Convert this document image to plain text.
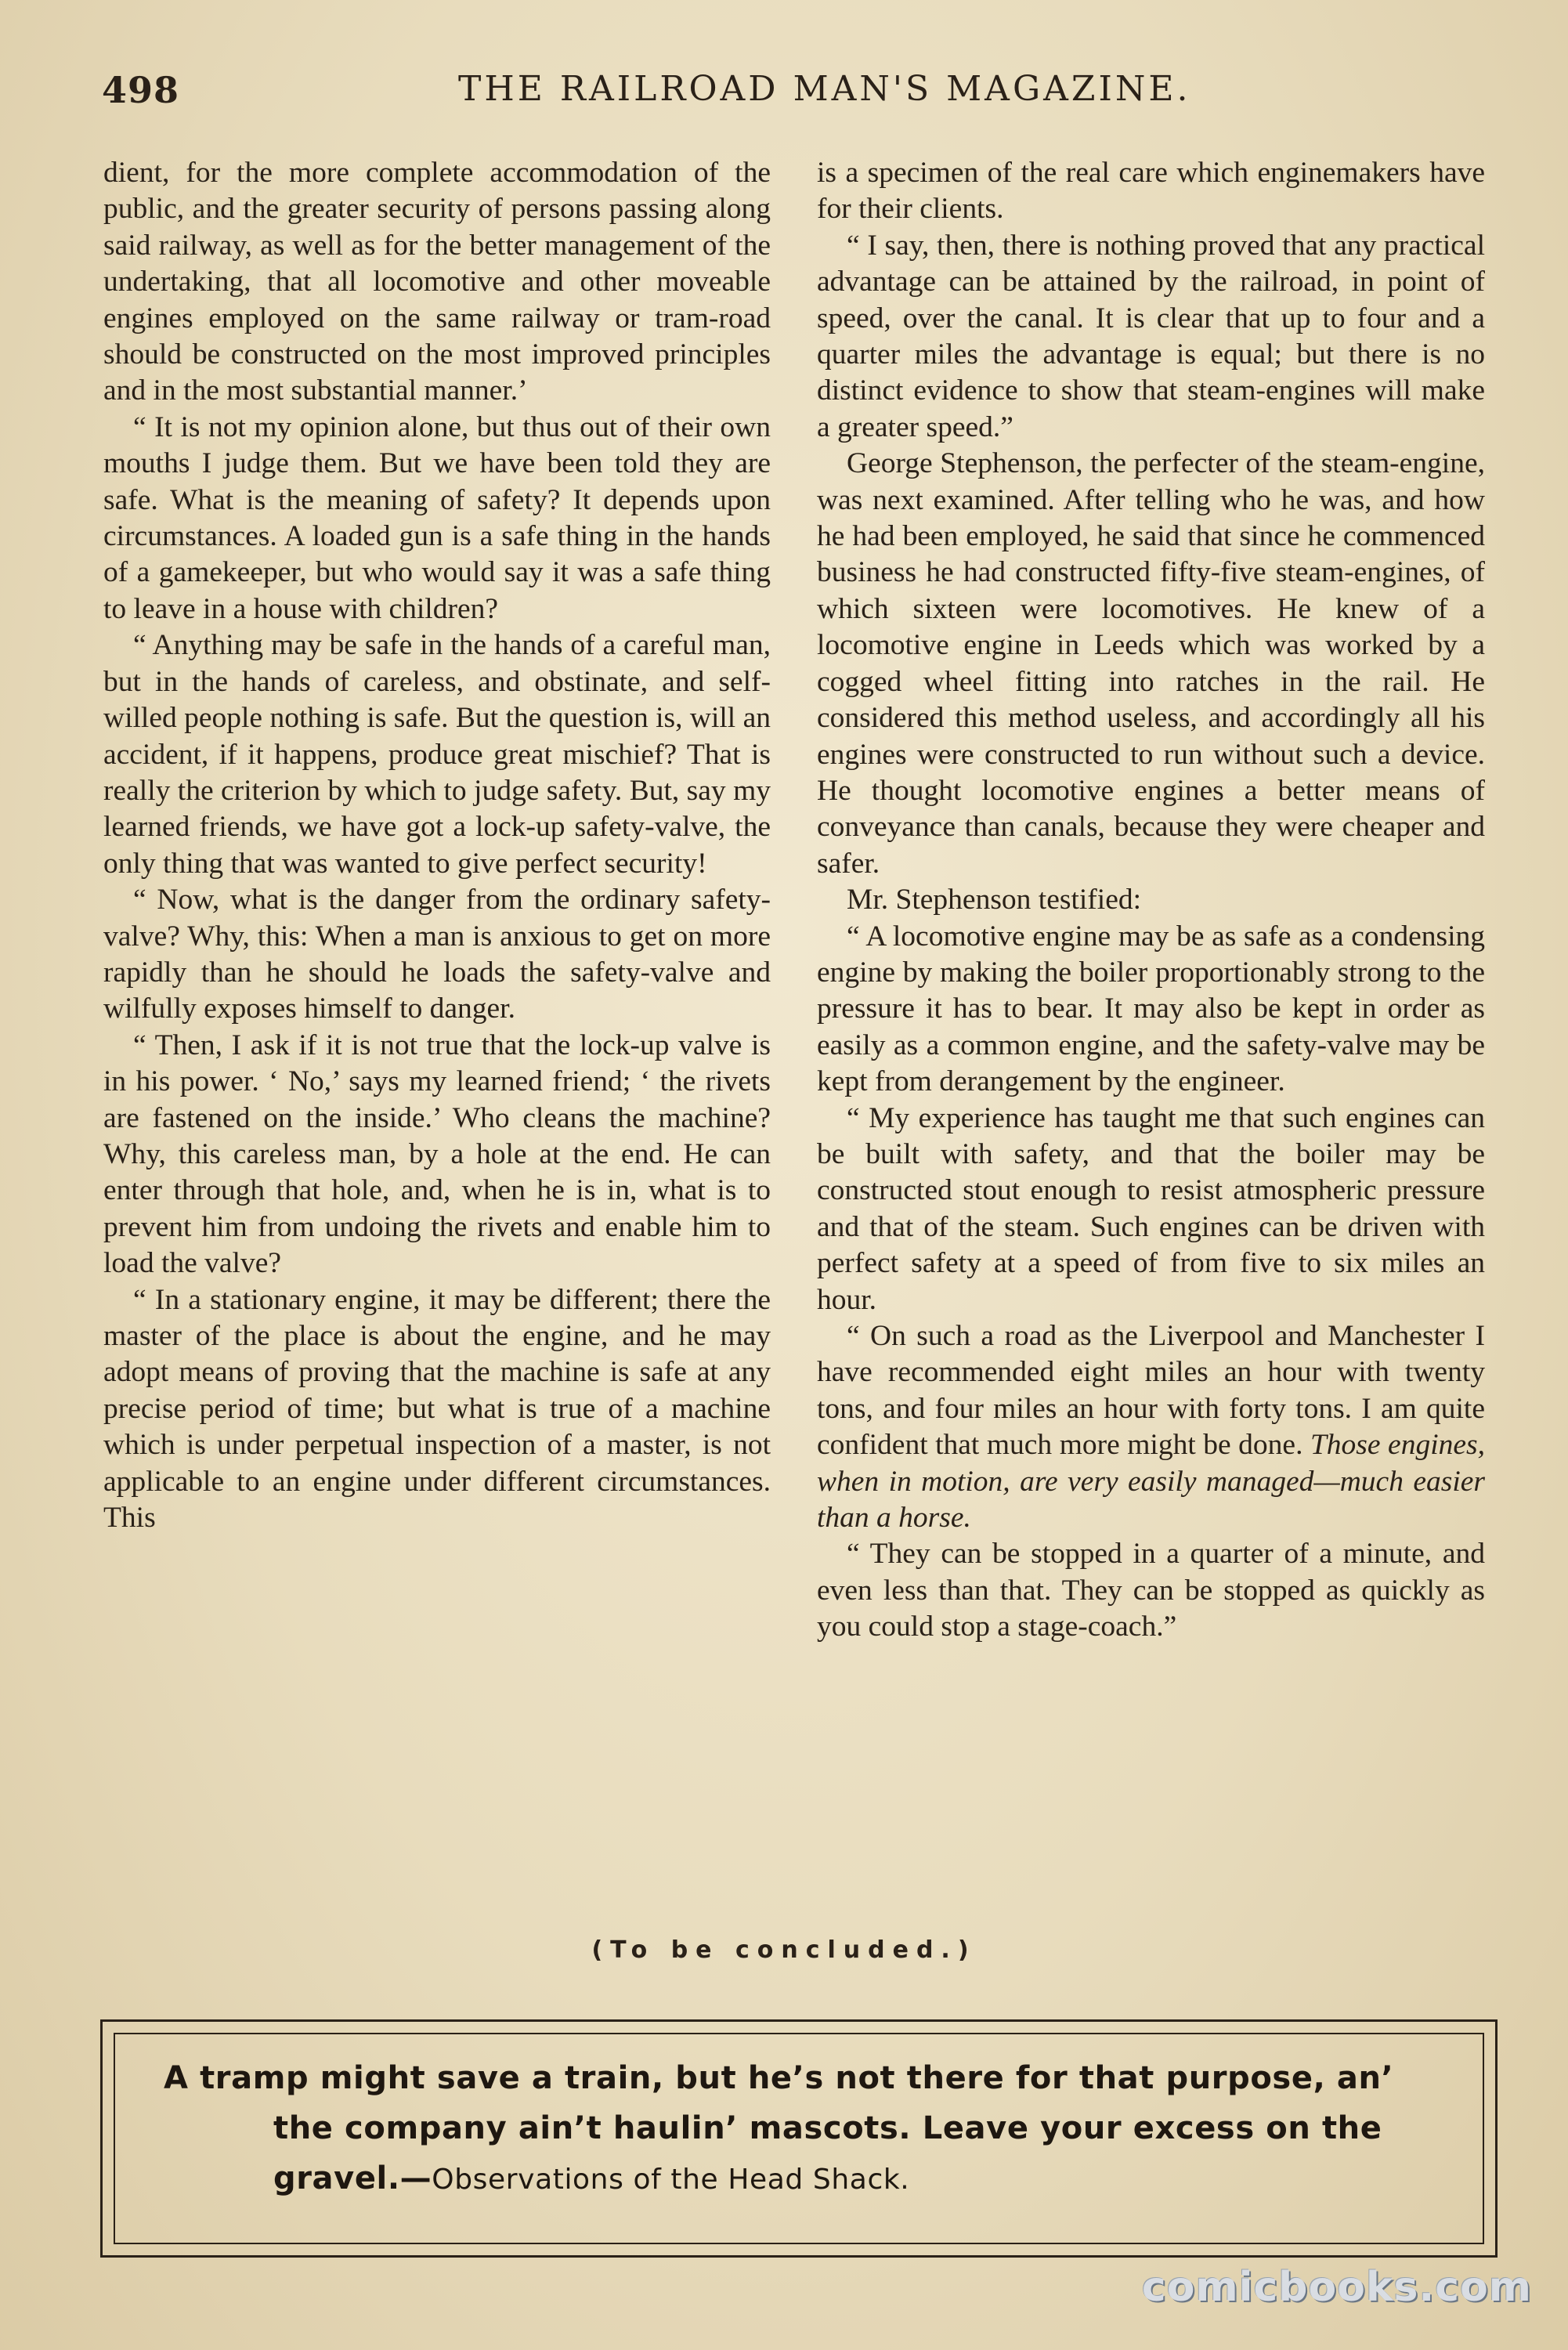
498	THE RAILROAD MAN'S MAGAZINE.

dient, for the more complete accommodation of the public, and the greater security of persons passing along said railway, as well as for the better management of the undertaking, that all locomotive and other moveable engines employed on the same railway or tram-road should be constructed on the most improved principles and in the most substantial manner.’

“ It is not my opinion alone, but thus out of their own mouths I judge them. But we have been told they are safe. What is the meaning of safety? It depends upon circumstances. A loaded gun is a safe thing in the hands of a gamekeeper, but who would say it was a safe thing to leave in a house with children?

“ Anything may be safe in the hands of a careful man, but in the hands of careless, and obstinate, and self-willed people nothing is safe. But the question is, will an accident, if it happens, produce great mischief? That is really the criterion by which to judge safety. But, say my learned friends, we have got a lock-up safety-valve, the only thing that was wanted to give perfect security!

“ Now, what is the danger from the ordinary safety-valve? Why, this: When a man is anxious to get on more rapidly than he should he loads the safety-valve and wilfully exposes himself to danger.

“ Then, I ask if it is not true that the lock-up valve is in his power. ‘ No,’ says my learned friend; ‘ the rivets are fastened on the inside.’ Who cleans the machine? Why, this careless man, by a hole at the end. He can enter through that hole, and, when he is in, what is to prevent him from undoing the rivets and enable him to load the valve?

“ In a stationary engine, it may be different; there the master of the place is about the engine, and he may adopt means of proving that the machine is safe at any precise period of time; but what is true of a machine which is under perpetual inspection of a master, is not applicable to an engine under different circumstances. This

is a specimen of the real care which enginemakers have for their clients.

“ I say, then, there is nothing proved that any practical advantage can be attained by the railroad, in point of speed, over the canal. It is clear that up to four and a quarter miles the advantage is equal; but there is no distinct evidence to show that steam-engines will make a greater speed.”

George Stephenson, the perfecter of the steam-engine, was next examined. After telling who he was, and how he had been employed, he said that since he commenced business he had constructed fifty-five steam-engines, of which sixteen were locomotives. He knew of a locomotive engine in Leeds which was worked by a cogged wheel fitting into ratches in the rail. He considered this method useless, and accordingly all his engines were constructed to run without such a device. He thought locomotive engines a better means of conveyance than canals, because they were cheaper and safer.

Mr. Stephenson testified:

“ A locomotive engine may be as safe as a condensing engine by making the boiler proportionably strong to the pressure it has to bear. It may also be kept in order as easily as a common engine, and the safety-valve may be kept from derangement by the engineer.

“ My experience has taught me that such engines can be built with safety, and that the boiler may be constructed stout enough to resist atmospheric pressure and that of the steam. Such engines can be driven with perfect safety at a speed of from five to six miles an hour.

“ On such a road as the Liverpool and Manchester I have recommended eight miles an hour with twenty tons, and four miles an hour with forty tons. I am quite confident that much more might be done. Those engines, when in motion, are very easily managed—much easier than a horse.

“ They can be stopped in a quarter of a minute, and even less than that. They can be stopped as quickly as you could stop a stage-coach.”

(To be concluded.)
A tramp might save a train, but he’s not there for that purpose, an’
the company ain’t haulin’ mascots. Leave your excess on the
gravel.—Observations of the Head Shack.
comicbooks.com
